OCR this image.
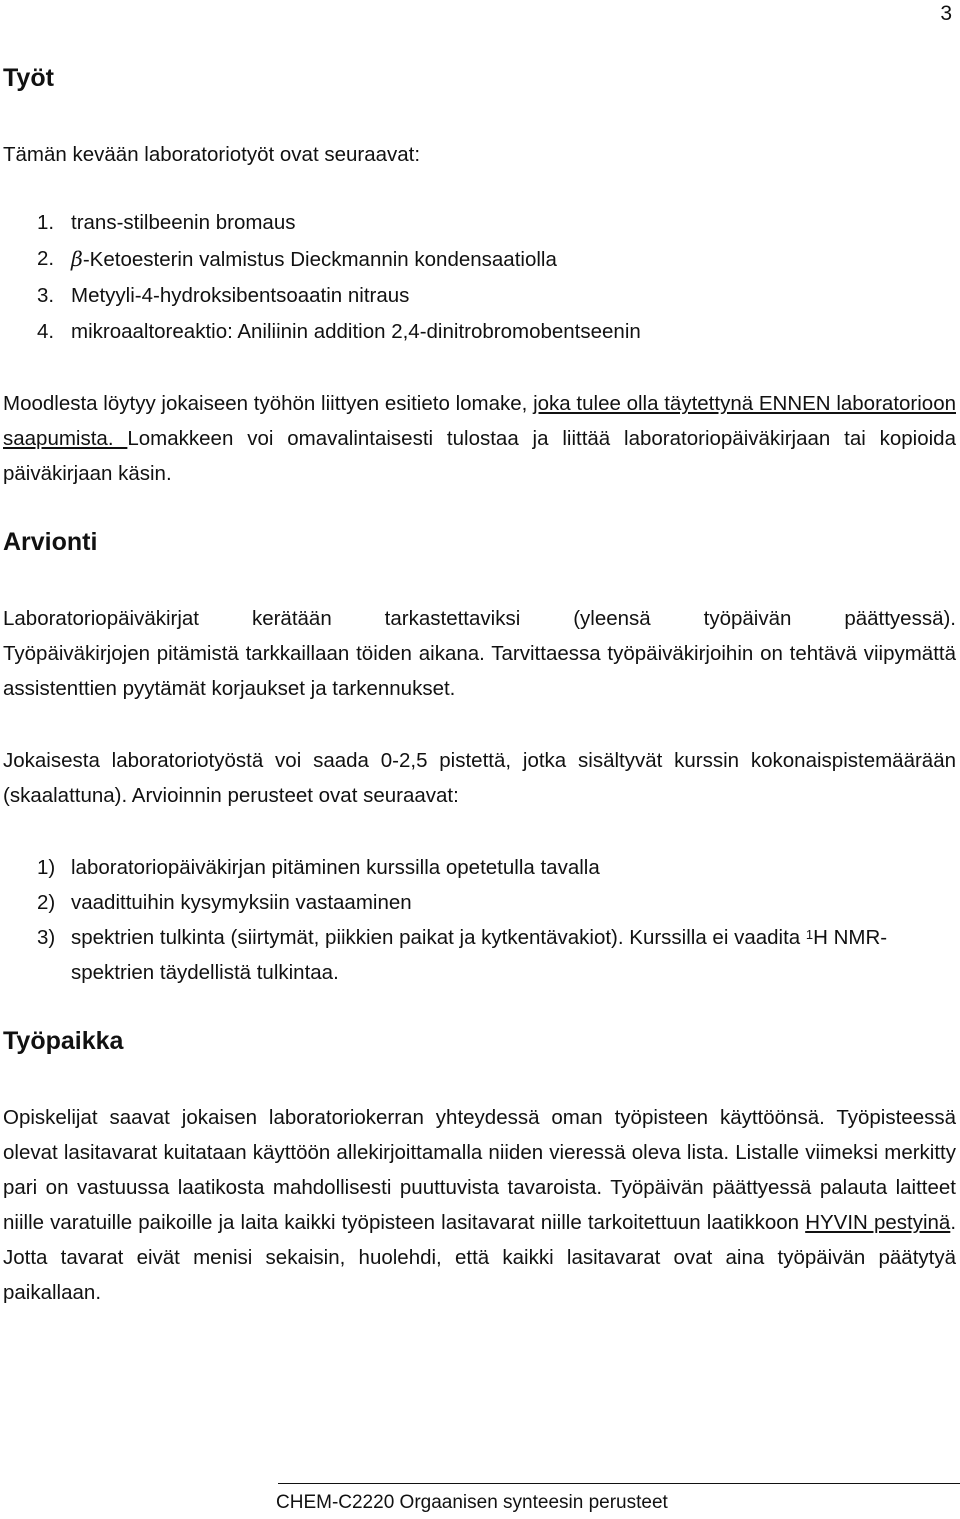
3
Työt

Tämän kevään laboratoriotyöt ovat seuraavat:

1. trans-stilbeenin bromaus
2. β-Ketoesterin valmistus Dieckmannin kondensaatiolla
3. Metyyli-4-hydroksibentsoaatin nitraus
4. mikroaaltoreaktio: Aniliinin addition 2,4-dinitrobromobentseenin

Moodlesta löytyy jokaiseen työhön liittyen esitieto lomake, joka tulee olla täytettynä ENNEN laboratorioon saapumista. Lomakkeen voi omavalintaisesti tulostaa ja liittää laboratoriopäiväkirjaan tai kopioida päiväkirjaan käsin.

Arvionti

Laboratoriopäiväkirjat kerätään tarkastettaviksi (yleensä työpäivän päättyessä).

Työpäiväkirjojen pitämistä tarkkaillaan töiden aikana. Tarvittaessa työpäiväkirjoihin on tehtävä viipymättä assistenttien pyytämät korjaukset ja tarkennukset.

Jokaisesta laboratoriotyöstä voi saada 0-2,5 pistettä, jotka sisältyvät kurssin kokonaispistemäärään (skaalattuna). Arvioinnin perusteet ovat seuraavat:

1) laboratoriopäiväkirjan pitäminen kurssilla opetetulla tavalla
2) vaadittuihin kysymyksiin vastaaminen
3) spektrien tulkinta (siirtymät, piikkien paikat ja kytkentävakiot). Kurssilla ei vaadita $^1$H NMR-spektrien täydellistä tulkintaa.
Työpaikka

Opiskelijat saavat jokaisen laboratoriokerran yhteydessä oman työpisteen käyttöönsä. Työpisteessä olevat lasitavarat kuitataan käyttöön allekirjoittamalla niiden vieressä oleva lista. Listalle viimeksi merkitty pari on vastuussa laatikosta mahdollisesti puuttuvista tavaroista. Työpäivän päättyessä palauta laitteet niille varatuille paikoille ja laita kaikki työpisteen lasitavarat niille tarkoitettuun laatikkoon HYVIN pestyinä. Jotta tavarat eivät menisi sekaisin, huolehdi, että kaikki lasitavarat ovat aina työpäivän päätytyä paikallaan.

CHEM-C2220 Orgaanisen synteesin perusteet
